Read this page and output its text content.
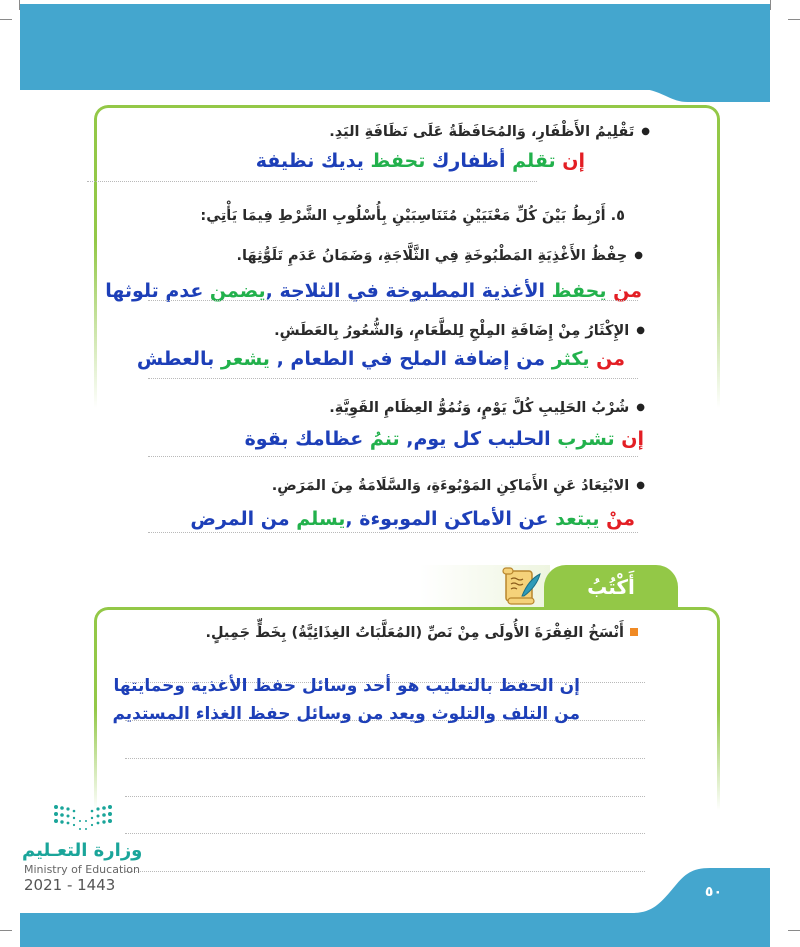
● تَقْلِيمُ الأَظْفَارِ، وَالمُحَافَظَةُ عَلَى نَظَافَةِ اليَدِ.
إن تقلم أظفارك تحفظ يديك نظيفة
٥. أَرْبِطُ بَيْنَ كُلِّ مَعْنَيَيْنِ مُتَنَاسِبَيْنِ بِأُسْلُوبِ الشَّرْطِ فِيمَا يَأْتِي:
● حِفْظُ الأَغْذِيَةِ المَطْبُوخَةِ فِي الثَّلَّاجَةِ، وَضَمَانُ عَدَمِ تَلَوُّثِهَا.
من يحفظ الأغذية المطبوخة في الثلاجة ,يضمن عدم تلوثها
● الإِكْثَارُ مِنْ إِضَافَةِ المِلْحِ لِلطَّعَامِ، وَالشُّعُورُ بِالعَطَشِ.
من يكثر من إضافة الملح في الطعام , يشعر بالعطش
● شُرْبُ الحَلِيبِ كُلَّ يَوْمٍ، وَنُمُوُّ العِظَامِ القَوِيَّةِ.
إن تشرب الحليب كل يوم, تنمُ عظامك بقوة
● الابْتِعَادُ عَنِ الأَمَاكِنِ المَوْبُوءَةِ، وَالسَّلَامَةُ مِنَ المَرَضِ.
منْ يبتعد عن الأماكن الموبوءة ,يسلم من المرض
أَكْتُبُ
أَنْسَخُ الفِقْرَةَ الأُولَى مِنْ نَصِّ (المُعَلَّبَاتُ الغِذَائِيَّةُ) بِخَطٍّ جَمِيلٍ.
إن الحفظ بالتعليب هو أحد وسائل حفظ الأغذية وحمايتها
من التلف والتلوث ويعد من وسائل حفظ الغذاء المستديم
وزارة التعـليم
Ministry of Education
2021 - 1443	٥٠
